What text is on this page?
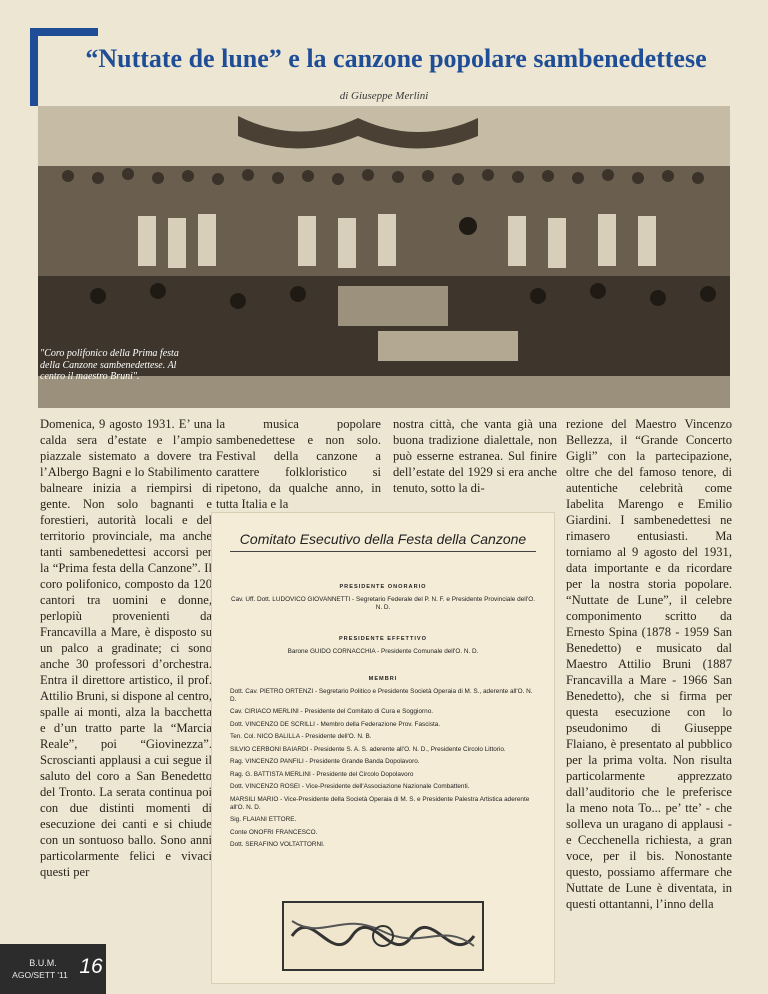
“Nuttate de lune” e la canzone popolare sambenedettese
di Giuseppe Merlini
"Coro polifonico della Prima festa della Canzone sambenedettese. Al centro il maestro Bruni".

Domenica, 9 agosto 1931. E’ una calda sera d’estate e l’ampio piazzale sistemato a dovere tra l’Albergo Bagni e lo Stabilimento balneare inizia a riempirsi di gente. Non solo bagnanti e forestieri, autorità locali e del territorio provinciale, ma anche tanti sambenedettesi accorsi per la “Prima festa della Canzone”. Il coro polifonico, composto da 120 cantori tra uomini e donne, perlopiù provenienti da Francavilla a Mare, è disposto su un palco a gradinate; ci sono anche 30 professori d’orchestra. Entra il direttore artistico, il prof. Attilio Bruni, si dispone al centro, spalle ai monti, alza la bacchetta e d’un tratto parte la “Marcia Reale”, poi “Giovinezza”. Scroscianti applausi a cui segue il saluto del coro a San Benedetto del Tronto. La serata continua poi con due distinti momenti di esecuzione dei canti e si chiude con un sontuoso ballo. Sono anni particolarmente felici e vivaci questi per

la musica popolare sambenedettese e non solo. Festival della canzone a carattere folkloristico si ripetono, da qualche anno, in tutta Italia e la

nostra città, che vanta già una buona tradizione dialettale, non può esserne estranea. Sul finire dell’estate del 1929 si era anche tenuto, sotto la di-

rezione del Maestro Vincenzo Bellezza, il “Grande Concerto Gigli” con la partecipazione, oltre che del famoso tenore, di autentiche celebrità come Iabelita Marengo e Emilio Giardini. I sambenedettesi ne rimasero entusiasti. Ma torniamo al 9 agosto del 1931, data importante e da ricordare per la nostra storia popolare. “Nuttate de Lune”, il celebre componimento scritto da Ernesto Spina (1878 - 1959 San Benedetto) e musicato dal Maestro Attilio Bruni (1887 Francavilla a Mare - 1966 San Benedetto), che si firma per questa esecuzione con lo pseudonimo di Giuseppe Flaiano, è presentato al pubblico per la prima volta. Non risulta particolarmente apprezzato dall’auditorio che le preferisce la meno nota To... pe’ tte’ - che solleva un uragano di applausi - e Cecchenella richiesta, a gran voce, per il bis. Nonostante questo, possiamo affermare che Nuttate de Lune è diventata, in questi ottantanni, l’inno della

Comitato Esecutivo della Festa della Canzone
PRESIDENTE ONORARIO
Cav. Uff. Dott. LUDOVICO GIOVANNETTI - Segretario Federale del P. N. F. e Presidente Provinciale dell'O. N. D.
PRESIDENTE EFFETTIVO
Barone GUIDO CORNACCHIA - Presidente Comunale dell'O. N. D.
MEMBRI
Dott. Cav. PIETRO ORTENZI - Segretario Politico e Presidente Società Operaia di M. S., aderente all'O. N. D.
Cav. CIRIACO MERLINI - Presidente del Comitato di Cura e Soggiorno.
Dott. VINCENZO DE SCRILLI - Membro della Federazione Prov. Fascista.
Ten. Col. NICO BALILLA - Presidente dell'O. N. B.
SILVIO CERBONI BAIARDI - Presidente S. A. S. aderente all'O. N. D., Presidente Circolo Littorio.
Rag. VINCENZO PANFILI - Presidente Grande Banda Dopolavoro.
Rag. G. BATTISTA MERLINI - Presidente del Circolo Dopolavoro
Dott. VINCENZO ROSEI - Vice-Presidente dell'Associazione Nazionale Combattenti.
MARSILI MARIO - Vice-Presidente della Società Operaia di M. S. e Presidente Palestra Artistica aderente all'O. N. D.
Sig. FLAIANI ETTORE.
Conte ONOFRI FRANCESCO.
Dott. SERAFINO VOLTATTORNI.
B.U.M.
AGO/SETT '11 16
